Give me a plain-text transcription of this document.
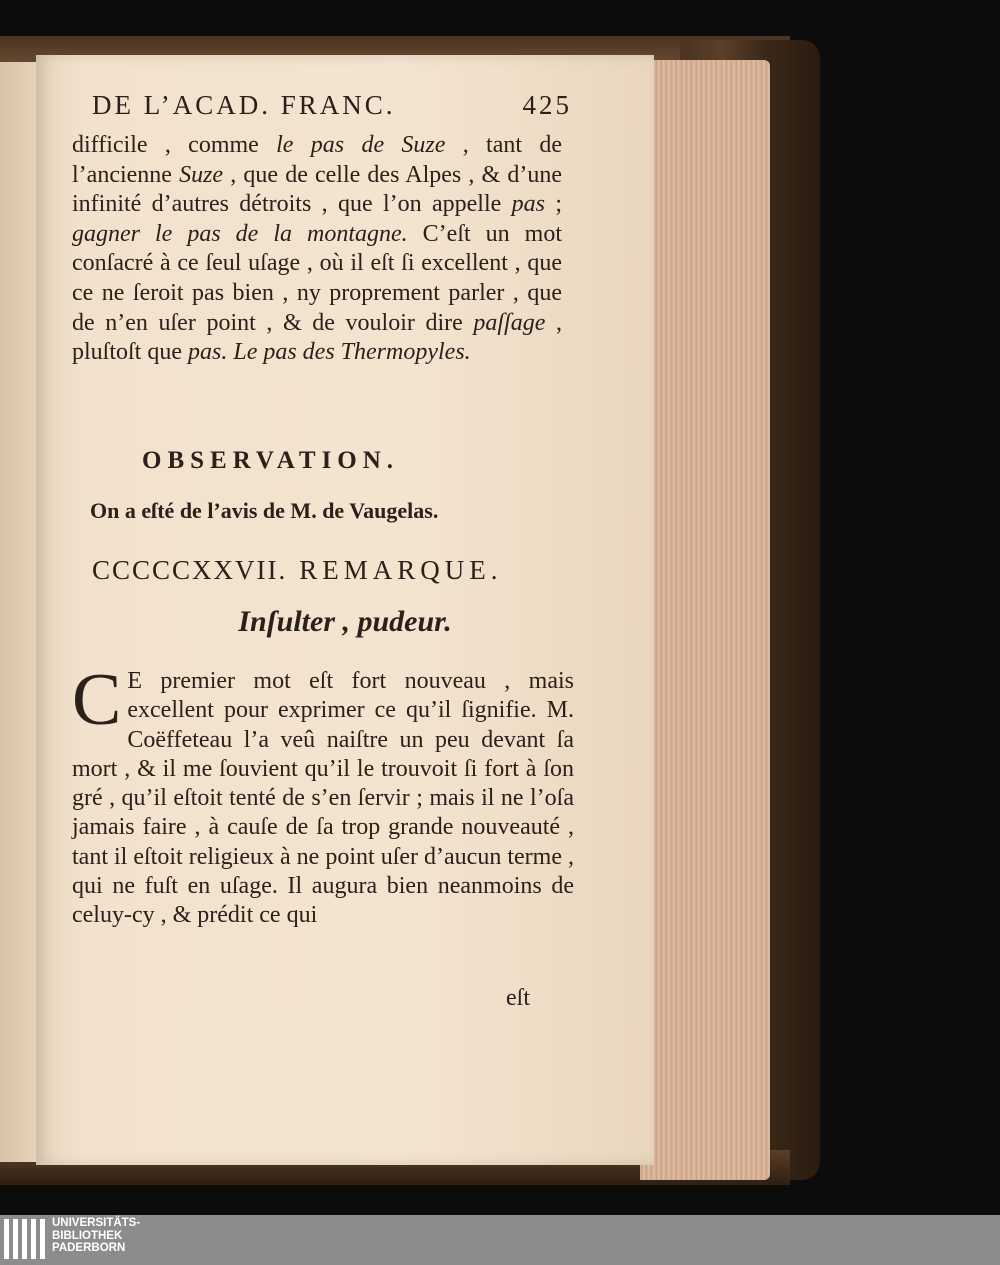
DE L’ACAD. FRANC.	425
difficile , comme le pas de Suze , tant de l’ancienne Suze , que de celle des Alpes , & d’une infinité d’autres détroits , que l’on appelle pas ; gagner le pas de la montagne. C’eſt un mot conſacré à ce ſeul uſage , où il eſt ſi excellent , que ce ne ſeroit pas bien , ny proprement parler , que de n’en uſer point , & de vouloir dire paſſage , pluſtoſt que pas. Le pas des Thermopyles.
OBSERVATION.
On a eſté de l’avis de M. de Vaugelas.
CCCCCXXVII. REMARQUE.
Inſulter , pudeur.
C E premier mot eſt fort nouveau , mais excellent pour exprimer ce qu’il ſignifie. M. Coëffeteau l’a veû naiſtre un peu devant ſa mort , & il me ſouvient qu’il le trouvoit ſi fort à ſon gré , qu’il eſtoit tenté de s’en ſervir ; mais il ne l’oſa jamais faire , à cauſe de ſa trop grande nouveauté , tant il eſtoit religieux à ne point uſer d’aucun terme , qui ne fuſt en uſage. Il augura bien neanmoins de celuy-cy , & prédit ce qui
eſt
UNIVERSITÄTS-
BIBLIOTHEK
PADERBORN
